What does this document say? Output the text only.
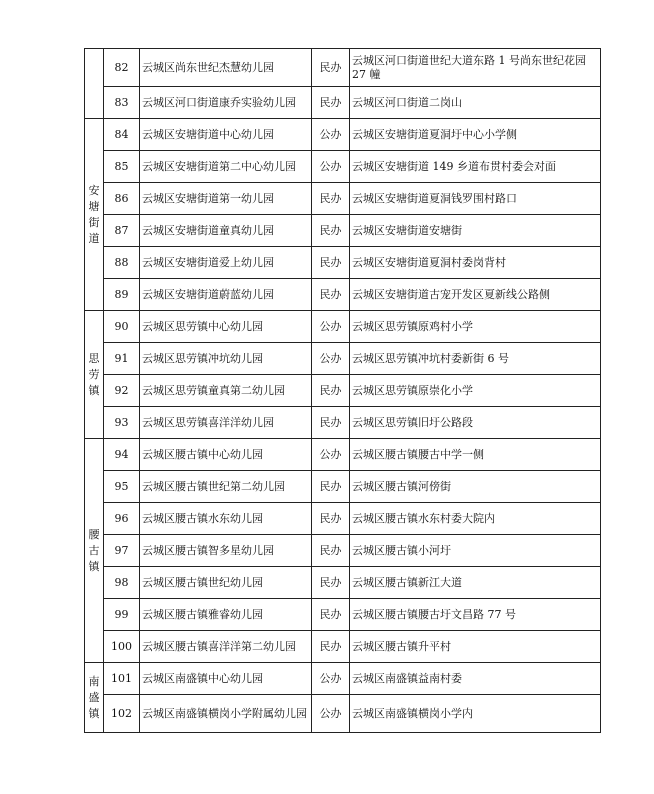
	82	云城区尚东世纪杰慧幼儿园	民办	云城区河口街道世纪大道东路 1 号尚东世纪花园 27 幢
	83	云城区河口街道康乔实验幼儿园	民办	云城区河口街道二岗山
安塘街道	84	云城区安塘街道中心幼儿园	公办	云城区安塘街道夏洞圩中心小学侧
	85	云城区安塘街道第二中心幼儿园	公办	云城区安塘街道 149 乡道布贯村委会对面
	86	云城区安塘街道第一幼儿园	民办	云城区安塘街道夏洞钱罗围村路口
	87	云城区安塘街道童真幼儿园	民办	云城区安塘街道安塘街
	88	云城区安塘街道爱上幼儿园	民办	云城区安塘街道夏洞村委岗背村
	89	云城区安塘街道蔚蓝幼儿园	民办	云城区安塘街道古宠开发区夏新线公路侧
思劳镇	90	云城区思劳镇中心幼儿园	公办	云城区思劳镇原鸡村小学
	91	云城区思劳镇冲坑幼儿园	公办	云城区思劳镇冲坑村委新街 6 号
	92	云城区思劳镇童真第二幼儿园	民办	云城区思劳镇原崇化小学
	93	云城区思劳镇喜洋洋幼儿园	民办	云城区思劳镇旧圩公路段
腰古镇	94	云城区腰古镇中心幼儿园	公办	云城区腰古镇腰古中学一侧
	95	云城区腰古镇世纪第二幼儿园	民办	云城区腰古镇河傍街
	96	云城区腰古镇水东幼儿园	民办	云城区腰古镇水东村委大院内
	97	云城区腰古镇智多星幼儿园	民办	云城区腰古镇小河圩
	98	云城区腰古镇世纪幼儿园	民办	云城区腰古镇新江大道
	99	云城区腰古镇雅睿幼儿园	民办	云城区腰古镇腰古圩文昌路 77 号
	100	云城区腰古镇喜洋洋第二幼儿园	民办	云城区腰古镇升平村
南盛镇	101	云城区南盛镇中心幼儿园	公办	云城区南盛镇益南村委
	102	云城区南盛镇横岗小学附属幼儿园	公办	云城区南盛镇横岗小学内
